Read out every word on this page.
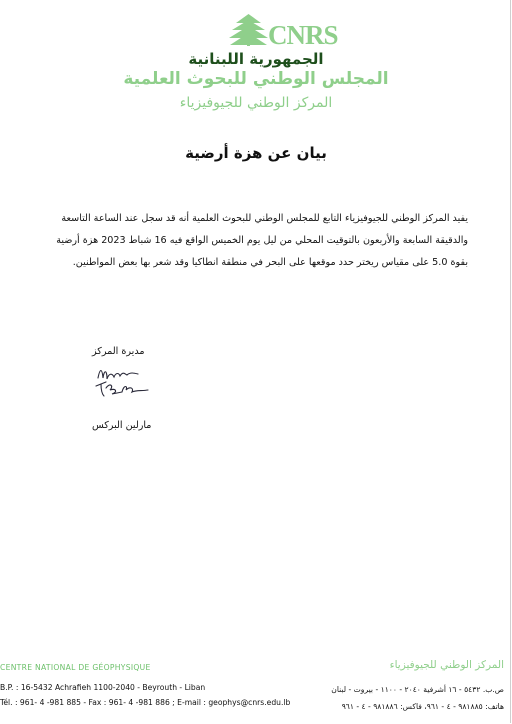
CNRS
الجمهورية اللبنانية
المجلس الوطني للبحوث العلمية
المركز الوطني للجيوفيزياء
بيان عن هزة أرضية

يفيد المركز الوطني للجيوفيزياء التابع للمجلس الوطني للبحوث العلمية أنه قد سجل عند الساعة التاسعة والدقيقة السابعة والأربعون بالتوقيت المحلي من ليل يوم الخميس الواقع فيه 16 شباط 2023 هزة أرضية بقوة 5.0 على مقياس ريختر حدد موقعها على البحر في منطقة انطاكيا وقد شعر بها بعض المواطنين.

مديرة المركز
مارلين البركس
CENTRE NATIONAL DE GÉOPHYSIQUE
B.P. : 16-5432 Achrafieh 1100-2040 - Beyrouth - Liban
Tél. : 961- 4 -981 885 - Fax : 961- 4 -981 886 ; E-mail : geophys@cnrs.edu.lb
المركز الوطني للجيوفيزياء
ص.ب. ٥٤٣٢ - ١٦ أشرفية ٢٠٤٠ - ١١٠٠ - بيروت - لبنان
هاتف: ٩٨١٨٨٥ - ٤ - ٩٦١، فاكس: ٩٨١٨٨٦ - ٤ - ٩٦١
